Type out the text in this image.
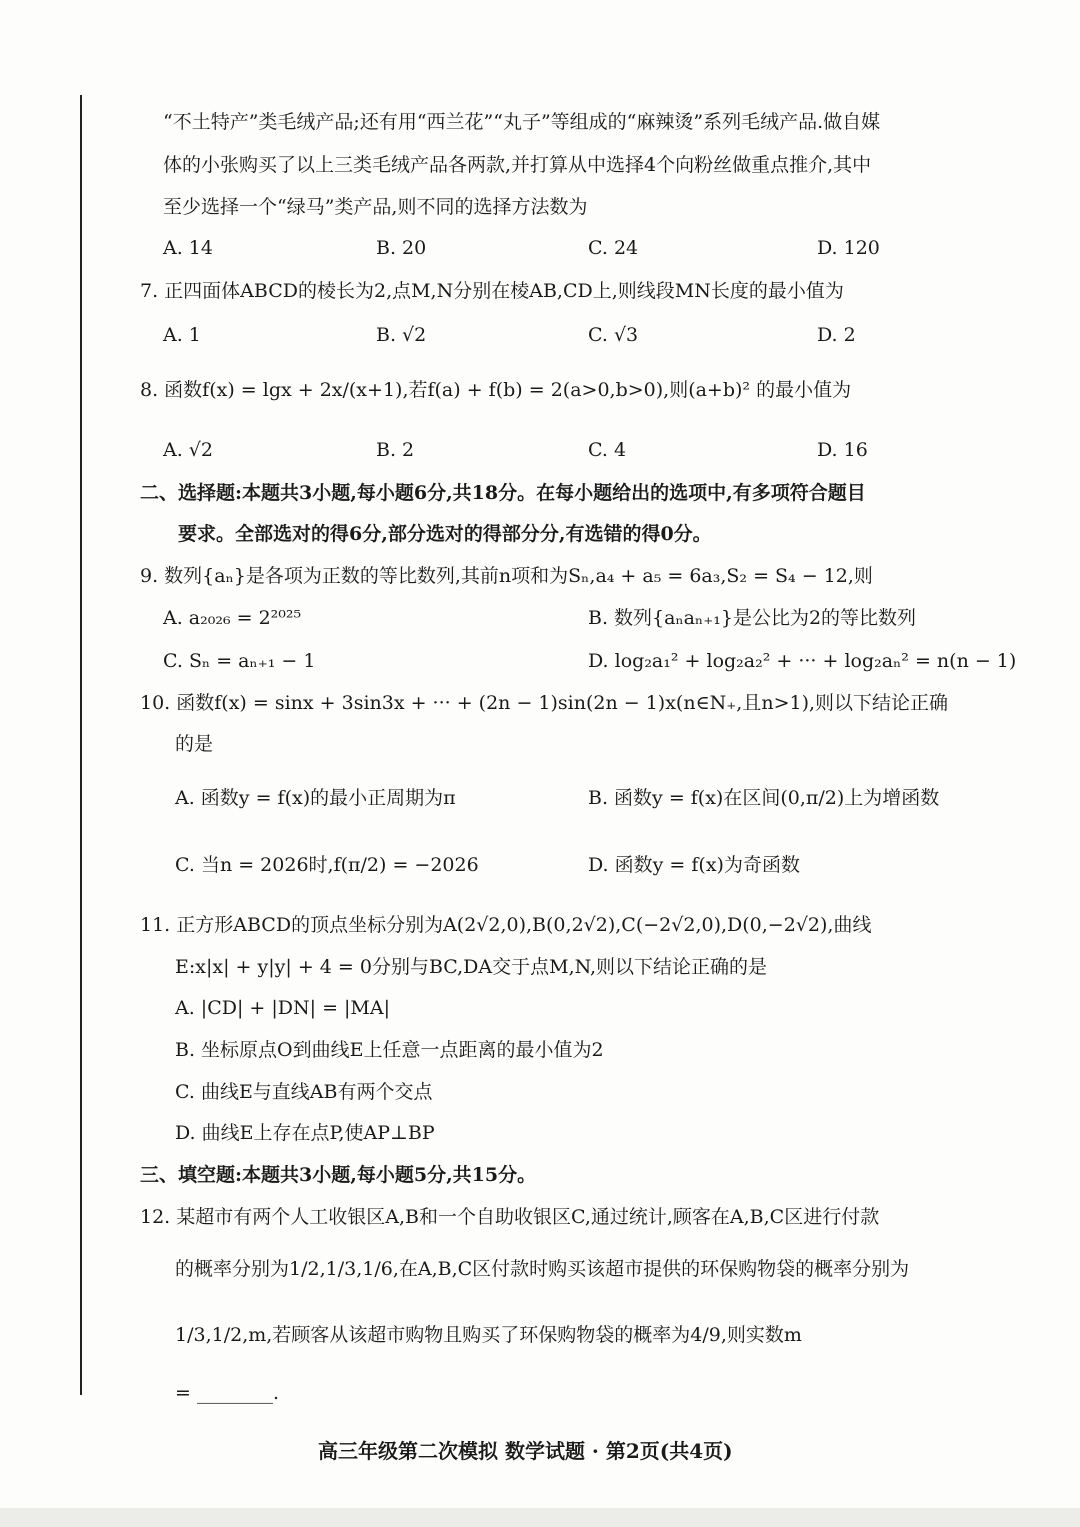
“不土特产”类毛绒产品;还有用“西兰花”“丸子”等组成的“麻辣烫”系列毛绒产品.做自媒
体的小张购买了以上三类毛绒产品各两款,并打算从中选择4个向粉丝做重点推介,其中
至少选择一个“绿马”类产品,则不同的选择方法数为
A. 14	B. 20	C. 24	D. 120
7. 正四面体ABCD的棱长为2,点M,N分别在棱AB,CD上,则线段MN长度的最小值为
A. 1	B. √2	C. √3	D. 2
8. 函数f(x) = lgx + 2x/(x+1),若f(a) + f(b) = 2(a>0,b>0),则(a+b)² 的最小值为
A. √2	B. 2	C. 4	D. 16
二、选择题:本题共3小题,每小题6分,共18分。在每小题给出的选项中,有多项符合题目
要求。全部选对的得6分,部分选对的得部分分,有选错的得0分。
9. 数列{aₙ}是各项为正数的等比数列,其前n项和为Sₙ,a₄ + a₅ = 6a₃,S₂ = S₄ − 12,则
A. a₂₀₂₆ = 2²⁰²⁵	B. 数列{aₙaₙ₊₁}是公比为2的等比数列
C. Sₙ = aₙ₊₁ − 1	D. log₂a₁² + log₂a₂² + ··· + log₂aₙ² = n(n − 1)
10. 函数f(x) = sinx + 3sin3x + ··· + (2n − 1)sin(2n − 1)x(n∈N₊,且n>1),则以下结论正确
的是
A. 函数y = f(x)的最小正周期为π	B. 函数y = f(x)在区间(0,π/2)上为增函数
C. 当n = 2026时,f(π/2) = −2026	D. 函数y = f(x)为奇函数
11. 正方形ABCD的顶点坐标分别为A(2√2,0),B(0,2√2),C(−2√2,0),D(0,−2√2),曲线
E:x|x| + y|y| + 4 = 0分别与BC,DA交于点M,N,则以下结论正确的是
A. |CD| + |DN| = |MA|
B. 坐标原点O到曲线E上任意一点距离的最小值为2
C. 曲线E与直线AB有两个交点
D. 曲线E上存在点P,使AP⊥BP
三、填空题:本题共3小题,每小题5分,共15分。
12. 某超市有两个人工收银区A,B和一个自助收银区C,通过统计,顾客在A,B,C区进行付款
的概率分别为1/2,1/3,1/6,在A,B,C区付款时购买该超市提供的环保购物袋的概率分别为
1/3,1/2,m,若顾客从该超市购物且购买了环保购物袋的概率为4/9,则实数m
= ________.
高三年级第二次模拟 数学试题 · 第2页(共4页)
